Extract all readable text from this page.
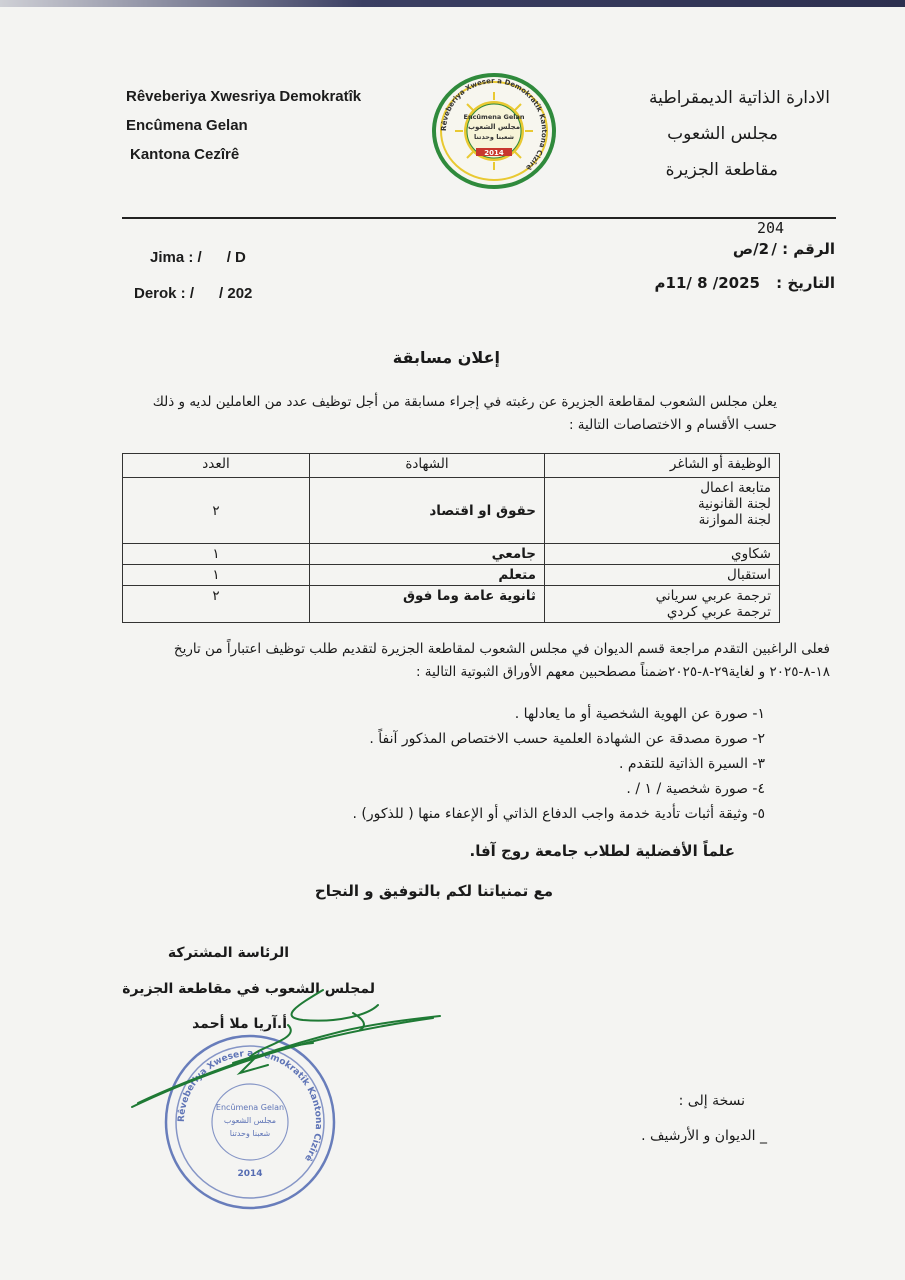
Rêveberiya Xwesriya Demokratîk
Encûmena Gelan
Kantona Cezîrê
الادارة الذاتية الديمقراطية
مجلس الشعوب
مقاطعة الجزيرة
Rêveberiya Xweser a Demokratîk Kantona Cizîrê
Encûmena Gelan
مجلس الشعوب
شعبنا وحدتنا
2014
Jima : /      / D
Derok : /      / 202
204
الرقم : /
2/ص
التاريخ :
2025/ 8 /11م
إعلان مسابقة
يعلن مجلس الشعوب لمقاطعة الجزيرة عن رغبته في إجراء مسابقة من أجل توظيف عدد من العاملين لديه و ذلك حسب الأقسام و الاختصاصات التالية :
الوظيفة أو الشاغر	الشهادة	العدد

متابعة اعمال
لجنة القانونية
لجنة الموازنة	حقوق او اقتصاد	٢
شكاوي	جامعي	١
استقبال	متعلم	١

ترجمة عربي سرياني
ترجمة عربي كردي	ثانوية عامة وما فوق	٢
فعلى الراغبين التقدم مراجعة قسم الديوان في مجلس الشعوب لمقاطعة الجزيرة لتقديم طلب توظيف اعتباراً من تاريخ ١٨-٨-٢٠٢٥ و لغاية٢٩-٨-٢٠٢٥ضمناً مصطحبين معهم الأوراق الثبوتية التالية :
١- صورة عن الهوية الشخصية أو ما يعادلها .
٢- صورة مصدقة عن الشهادة العلمية حسب الاختصاص المذكور آنفاً .
٣- السيرة الذاتية للتقدم .
٤- صورة شخصية / ١ / .
٥- وثيقة أثبات تأدية خدمة واجب الدفاع الذاتي أو الإعفاء منها ( للذكور) .
علماً الأفضلية لطلاب جامعة روج آفا.
مع تمنياتنا لكم بالتوفيق و النجاح
الرئاسة المشتركة
لمجلس الشعوب في مقاطعة الجزيرة
أ.آريا ملا أحمد
Rêveberiya Xweser a Demokratîk Kantona Cizîrê
Encûmena Gelan
مجلس الشعوب
شعبنا وحدتنا
2014
نسخة إلى :
_ الديوان و الأرشيف .
